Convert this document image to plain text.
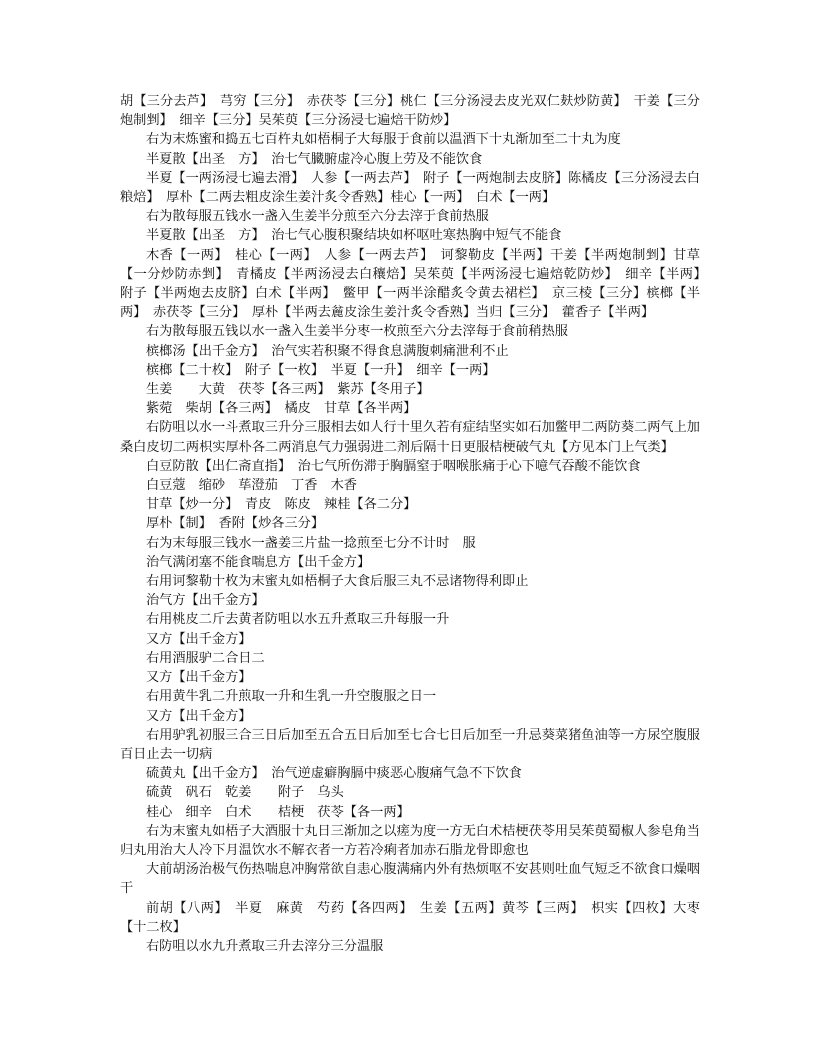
胡【三分去芦】　芎穷【三分】　赤茯苓【三分】桃仁【三分汤浸去皮光双仁麸炒防黄】　干姜【三分炮制剉】　细辛【三分】吴茱萸【三分汤浸七遍焙干防炒】

右为末炼蜜和捣五七百杵丸如梧桐子大每服于食前以温酒下十丸渐加至二十丸为度

半夏散【出圣　方】　治七气臓腑虚冷心腹上劳及不能饮食

半夏【一两汤浸七遍去滑】　人参【一两去芦】　附子【一两炮制去皮脐】陈橘皮【三分汤浸去白粮焙】　厚朴【二两去粗皮涂生姜汁炙令香熟】桂心【一两】　白术【一两】

右为散每服五钱水一盏入生姜半分煎至六分去滓于食前热服

半夏散【出圣　方】　治七气心腹积聚结块如杯呕吐寒热胸中短气不能食

木香【一两】　桂心【一两】　人参【一两去芦】　诃黎勒皮【半两】干姜【半两炮制剉】甘草【一分炒防赤剉】　青橘皮【半两汤浸去白穰焙】吴茱萸【半两汤浸七遍焙乾防炒】　细辛【半两】　附子【半两炮去皮脐】白术【半两】　鳖甲【一两半涂醋炙令黄去裙栏】　京三棱【三分】槟榔【半两】　赤茯苓【三分】　厚朴【半两去麄皮涂生姜汁炙令香熟】当归【三分】　藿香子【半两】

右为散每服五钱以水一盏入生姜半分枣一枚煎至六分去滓每于食前稍热服

槟榔汤【出千金方】　治气实若积聚不得食息满腹刺痛泄利不止

槟榔【二十枚】　附子【一枚】　半夏【一升】　细辛【一两】

生姜　　大黄　茯苓【各三两】　紫苏【冬用子】

紫菀　柴胡【各三两】　橘皮　甘草【各半两】

右防咀以水一斗煮取三升分三服相去如人行十里久若有症结坚实如石加鳖甲二两防葵二两气上加桑白皮切二两枳实厚朴各二两消息气力强弱进二剂后隔十日更服桔梗破气丸【方见本门上气类】

白豆防散【出仁斋直指】　治七气所伤滞于胸膈窒于咽喉胀痛于心下噫气吞酸不能饮食

白豆蔻　缩砂　荜澄茄　丁香　木香

甘草【炒一分】　青皮　陈皮　辣桂【各二分】

厚朴【制】　香附【炒各三分】

右为末每服三钱水一盏姜三片盐一捻煎至七分不计时　服

治气满闭塞不能食喘息方【出千金方】

右用诃黎勒十枚为末蜜丸如梧桐子大食后服三丸不忌诸物得利即止

治气方【出千金方】

右用桃皮二斤去黄者防咀以水五升煮取三升每服一升

又方【出千金方】

右用酒服驴二合日二

又方【出千金方】

右用黄牛乳二升煎取一升和生乳一升空腹服之日一

又方【出千金方】

右用驴乳初服三合三日后加至五合五日后加至七合七日后加至一升忌葵菜猪鱼油等一方尿空腹服百日止去一切病

硫黄丸【出千金方】　治气逆虚癖胸膈中痰恶心腹痛气急不下饮食

硫黄　矾石　乾姜　　附子　乌头

桂心　细辛　白术　　桔梗　茯苓【各一两】

右为末蜜丸如梧子大酒服十丸日三渐加之以瘥为度一方无白术桔梗茯苓用吴茱萸蜀椒人参皂角当归丸用治大人冷下月温饮水不解衣者一方若冷痢者加赤石脂龙骨即愈也

大前胡汤治极气伤热喘息冲胸常欲自恚心腹满痛内外有热烦呕不安甚则吐血气短乏不欲食口燥咽干

前胡【八两】　半夏　麻黄　芍药【各四两】　生姜【五两】黄芩【三两】　枳实【四枚】大枣【十二枚】

右防咀以水九升煮取三升去滓分三分温服
